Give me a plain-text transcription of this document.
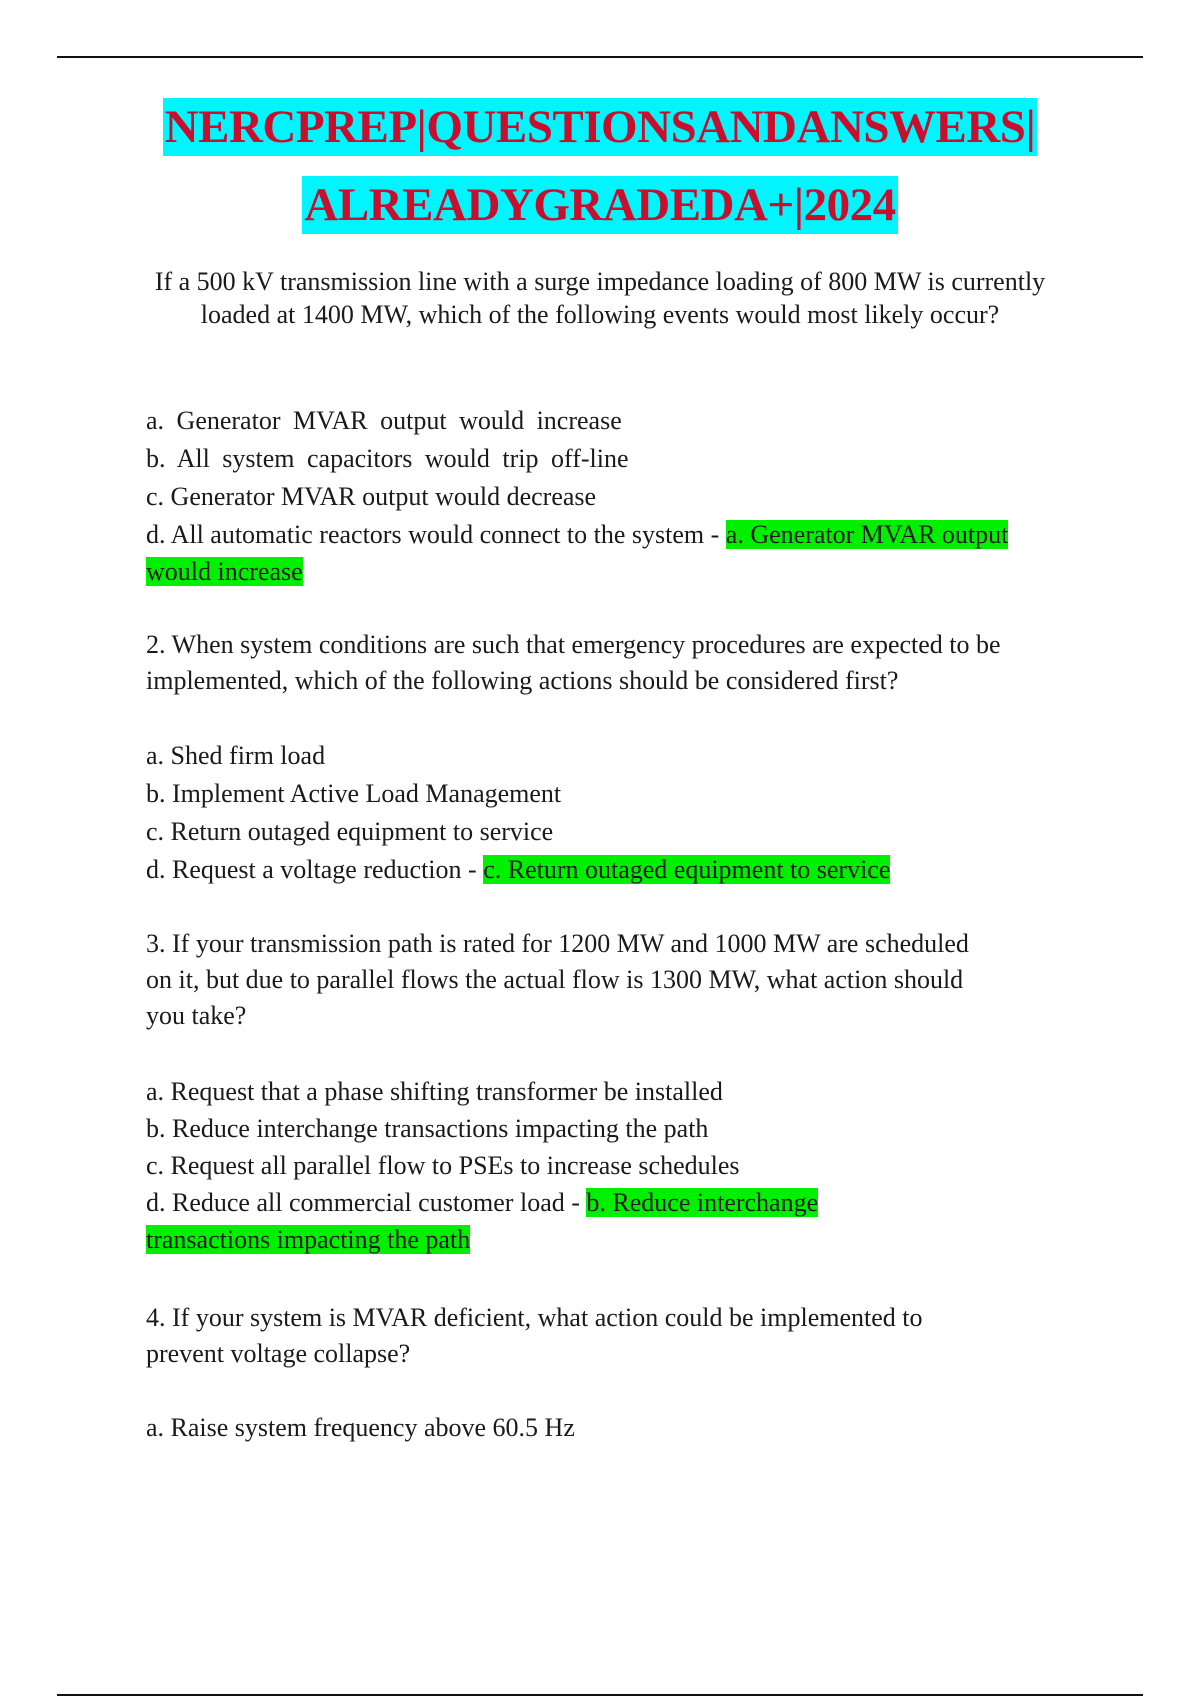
NERCPREP|QUESTIONSANDANSWERS|
ALREADYGRADEDA+|2024
If a 500 kV transmission line with a surge impedance loading of 800 MW is currently loaded at 1400 MW, which of the following events would most likely occur?
a. Generator MVAR output would increase
b. All system capacitors would trip off-line
c. Generator MVAR output would decrease
d. All automatic reactors would connect to the system - a. Generator MVAR output
would increase
2. When system conditions are such that emergency procedures are expected to be
implemented, which of the following actions should be considered first?
a. Shed firm load
b. Implement Active Load Management
c. Return outaged equipment to service
d. Request a voltage reduction - c. Return outaged equipment to service
3. If your transmission path is rated for 1200 MW and 1000 MW are scheduled
on it, but due to parallel flows the actual flow is 1300 MW, what action should
you take?
a. Request that a phase shifting transformer be installed
b. Reduce interchange transactions impacting the path
c. Request all parallel flow to PSEs to increase schedules
d. Reduce all commercial customer load - b. Reduce interchange
transactions impacting the path
4. If your system is MVAR deficient, what action could be implemented to
prevent voltage collapse?
a. Raise system frequency above 60.5 Hz
